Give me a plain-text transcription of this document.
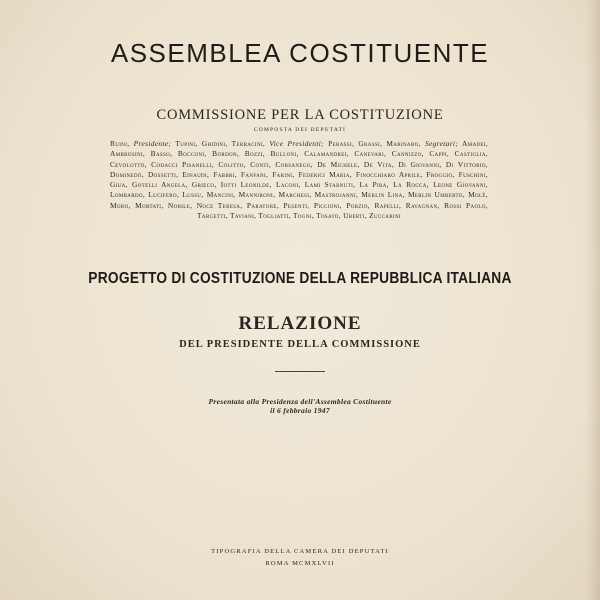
ASSEMBLEA COSTITUENTE
COMMISSIONE PER LA COSTITUZIONE
COMPOSTA DEI DEPUTATI
Ruini, Presidente; Tupini, Ghidini, Terracini, Vice Presidenti; Perassi, Grassi, Marinaro, Segretari; Amadei, Ambrosini, Basso, Bocconi, Bordon, Bozzi, Bulloni, Calamandrei, Canevari, Cannizzo, Cappi, Castiglia, Cevolotto, Codacci Pisanelli, Colitto, Conti, Corsanego, De Michele, De Vita, Di Giovanni, Di Vittorio, Dominedò, Dossetti, Einaudi, Fabbri, Fanfani, Farini, Federici Maria, Finocchiaro Aprile, Froggio, Fuschini, Giua, Gotelli Angela, Grieco, Iotti Leonilde, Laconi, Lami Starnuti, La Pira, La Rocca, Leone Giovanni, Lombardo, Lucifero, Lussu, Mancini, Mannironi, Marchesi, Mastrojanni, Merlin Lina, Merlin Umberto, Molè, Moro, Mortati, Nobile, Noce Teresa, Paratore, Pesenti, Piccioni, Porzio, Rapelli, Ravagnan, Rossi Paolo, Targetti, Taviani, Togliatti, Togni, Tosato, Uberti, Zuccarini
PROGETTO DI COSTITUZIONE DELLA REPUBBLICA ITALIANA
RELAZIONE
DEL PRESIDENTE DELLA COMMISSIONE
Presentata alla Presidenza dell'Assemblea Costituente
il 6 febbraio 1947
TIPOGRAFIA DELLA CAMERA DEI DEPUTATI
ROMA MCMXLVII
